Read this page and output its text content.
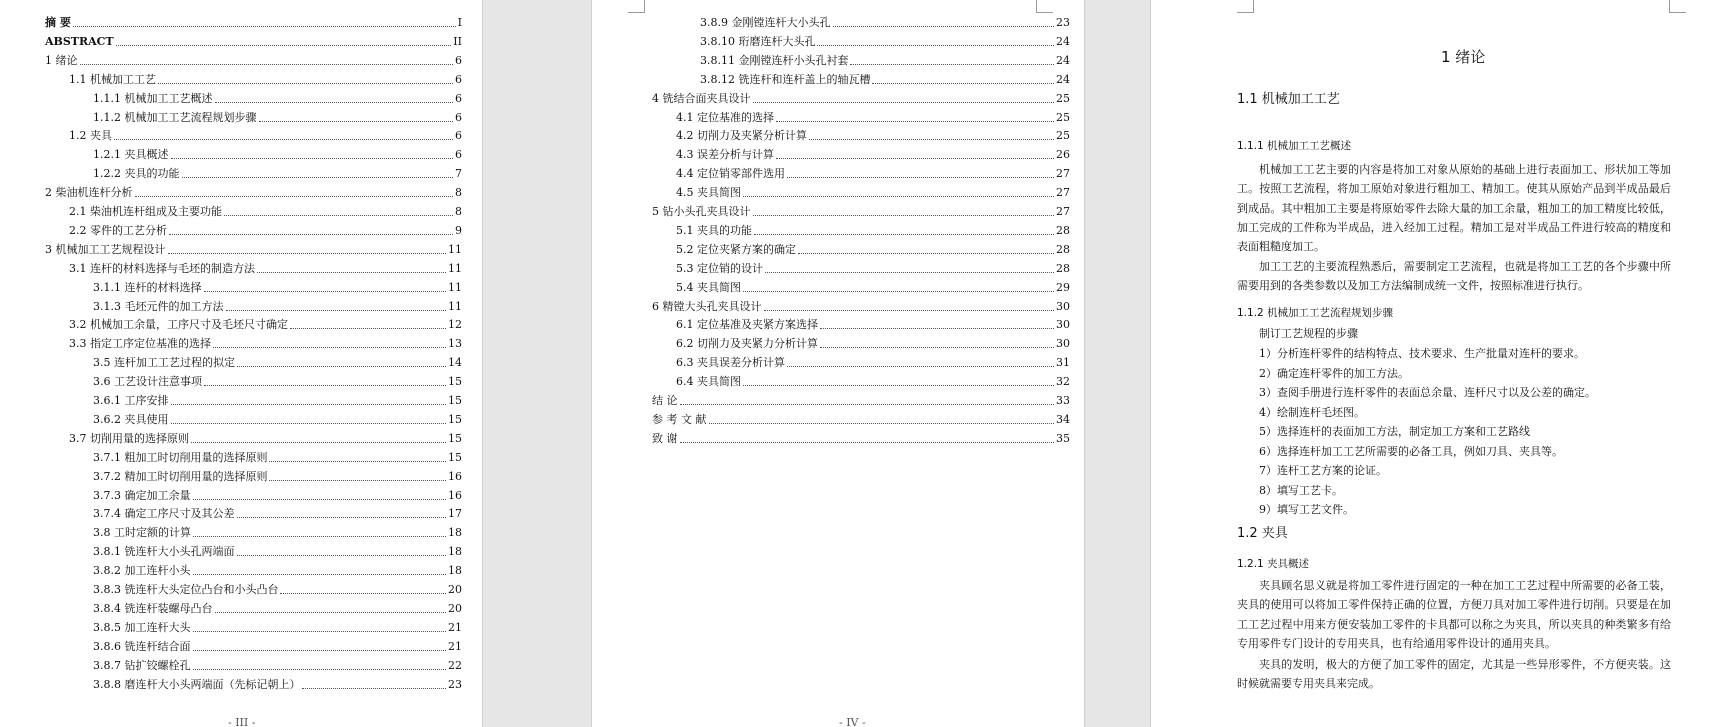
摘 要	I
ABSTRACT	II
1 绪论	6
1.1 机械加工工艺	6
1.1.1 机械加工工艺概述	6
1.1.2 机械加工工艺流程规划步骤	6
1.2 夹具	6
1.2.1 夹具概述	6
1.2.2 夹具的功能	7
2 柴油机连杆分析	8
2.1 柴油机连杆组成及主要功能	8
2.2 零件的工艺分析	9
3 机械加工工艺规程设计	11
3.1 连杆的材料选择与毛坯的制造方法	11
3.1.1 连杆的材料选择	11
3.1.3 毛坯元件的加工方法	11
3.2 机械加工余量，工序尺寸及毛坯尺寸确定	12
3.3 指定工序定位基准的选择	13
3.5 连杆加工工艺过程的拟定	14
3.6 工艺设计注意事项	15
3.6.1 工序安排	15
3.6.2 夹具使用	15
3.7 切削用量的选择原则	15
3.7.1 粗加工时切削用量的选择原则	15
3.7.2 精加工时切削用量的选择原则	16
3.7.3 确定加工余量	16
3.7.4 确定工序尺寸及其公差	17
3.8 工时定额的计算	18
3.8.1 铣连杆大小头孔两端面	18
3.8.2 加工连杆小头	18
3.8.3 铣连杆大头定位凸台和小头凸台	20
3.8.4 铣连杆装螺母凸台	20
3.8.5 加工连杆大头	21
3.8.6 铣连杆结合面	21
3.8.7 钻扩铰螺栓孔	22
3.8.8 磨连杆大小头两端面（先标记朝上）	23
- III -
3.8.9 金刚镗连杆大小头孔	23
3.8.10 珩磨连杆大头孔	24
3.8.11 金刚镗连杆小头孔衬套	24
3.8.12 铣连杆和连杆盖上的轴瓦槽	24
4 铣结合面夹具设计	25
4.1 定位基准的选择	25
4.2 切削力及夹紧分析计算	25
4.3 误差分析与计算	26
4.4 定位销零部件选用	27
4.5 夹具简图	27
5 钻小头孔夹具设计	27
5.1 夹具的功能	28
5.2 定位夹紧方案的确定	28
5.3 定位销的设计	28
5.4 夹具简图	29
6 精镗大头孔夹具设计	30
6.1 定位基准及夹紧方案选择	30
6.2 切削力及夹紧力分析计算	30
6.3 夹具误差分析计算	31
6.4 夹具简图	32
结 论	33
参 考 文 献	34
致 谢	35
- IV -
1 绪论
1.1 机械加工工艺
1.1.1 机械加工工艺概述

机械加工工艺主要的内容是将加工对象从原始的基础上进行表面加工、形状加工等加工。按照工艺流程，将加工原始对象进行粗加工、精加工。使其从原始产品到半成品最后到成品。其中粗加工主要是将原始零件去除大量的加工余量，粗加工的加工精度比较低，加工完成的工件称为半成品，进入经加工过程。精加工是对半成品工件进行较高的精度和表面粗糙度加工。

加工工艺的主要流程熟悉后，需要制定工艺流程，也就是将加工工艺的各个步骤中所需要用到的各类参数以及加工方法编制成统一文件，按照标准进行执行。

1.1.2 机械加工工艺流程规划步骤
制订工艺规程的步骤
1）分析连杆零件的结构特点、技术要求、生产批量对连杆的要求。
2）确定连杆零件的加工方法。
3）查阅手册进行连杆零件的表面总余量、连杆尺寸以及公差的确定。
4）绘制连杆毛坯图。
5）选择连杆的表面加工方法，制定加工方案和工艺路线
6）选择连杆加工工艺所需要的必备工具，例如刀具、夹具等。
7）连杆工艺方案的论证。
8）填写工艺卡。
9）填写工艺文件。
1.2 夹具
1.2.1 夹具概述

夹具顾名思义就是将加工零件进行固定的一种在加工工艺过程中所需要的必备工装，夹具的使用可以将加工零件保持正确的位置，方便刀具对加工零件进行切削。只要是在加工工艺过程中用来方便安装加工零件的卡具都可以称之为夹具，所以夹具的种类繁多有给专用零件专门设计的专用夹具，也有给通用零件设计的通用夹具。

夹具的发明，极大的方便了加工零件的固定，尤其是一些异形零件，不方便夹装。这时候就需要专用夹具来完成。
